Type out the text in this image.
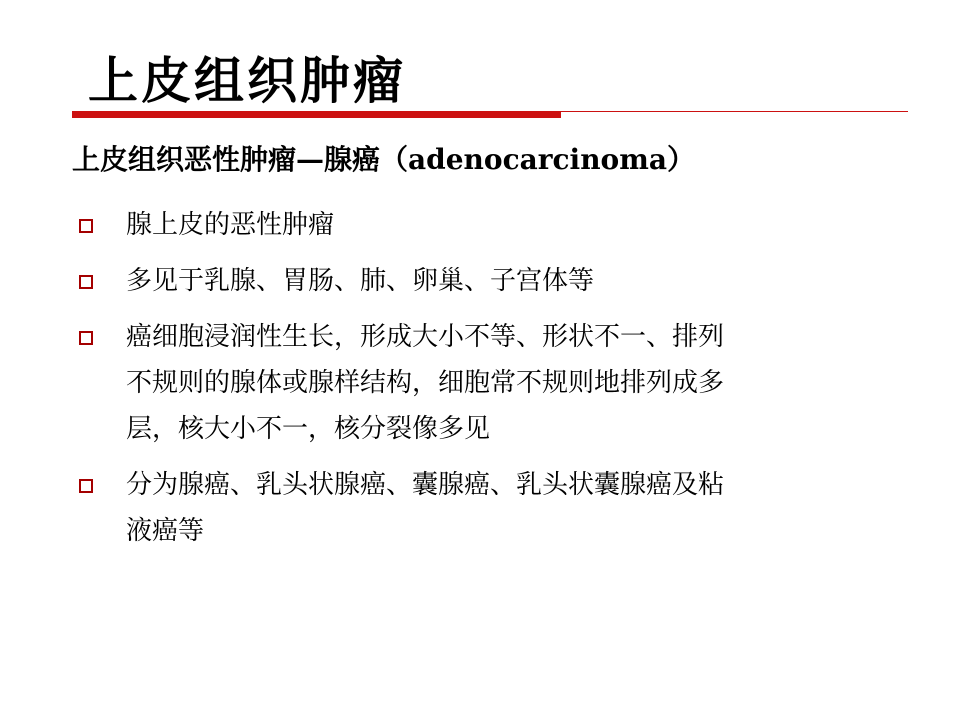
上皮组织肿瘤
上皮组织恶性肿瘤—腺癌（adenocarcinoma）
腺上皮的恶性肿瘤
多见于乳腺、胃肠、肺、卵巢、子宫体等
癌细胞浸润性生长，形成大小不等、形状不一、排列
不规则的腺体或腺样结构，细胞常不规则地排列成多
层，核大小不一，核分裂像多见
分为腺癌、乳头状腺癌、囊腺癌、乳头状囊腺癌及粘
液癌等
